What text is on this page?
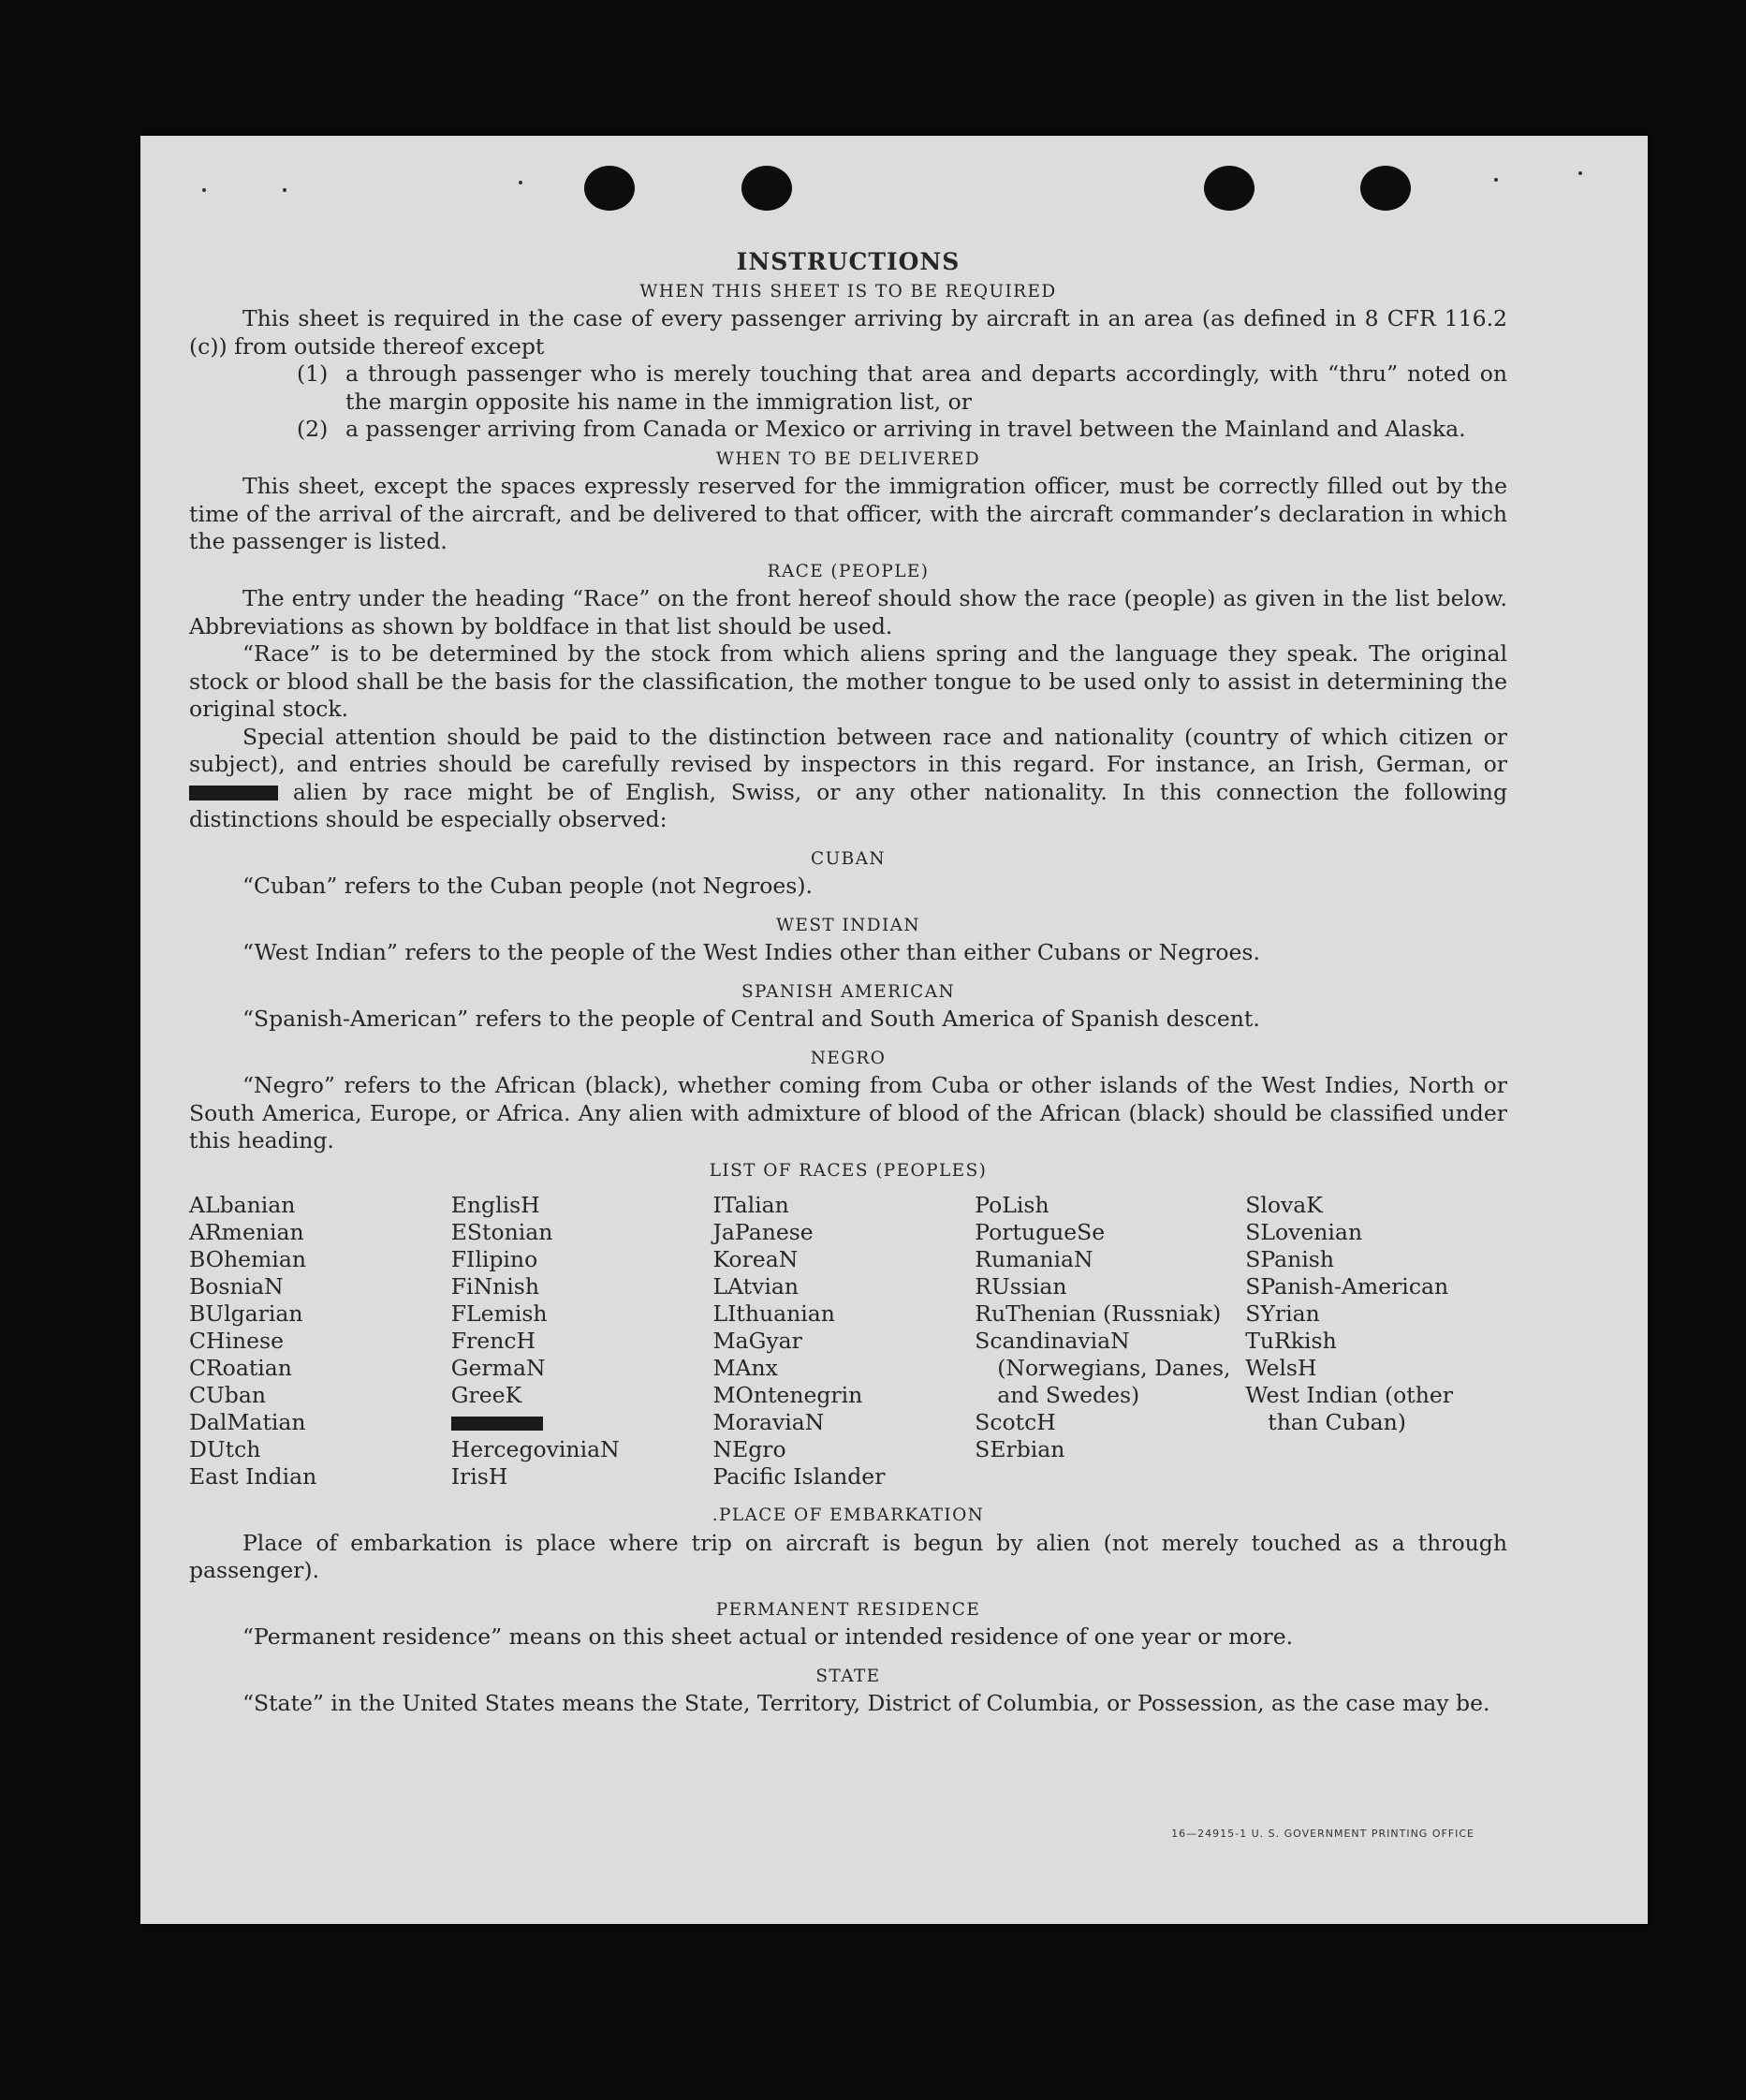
INSTRUCTIONS
WHEN THIS SHEET IS TO BE REQUIRED

This sheet is required in the case of every passenger arriving by aircraft in an area (as defined in 8 CFR 116.2 (c)) from outside thereof except

(1) a through passenger who is merely touching that area and departs accordingly, with “thru” noted on the margin opposite his name in the immigration list, or
(2) a passenger arriving from Canada or Mexico or arriving in travel between the Mainland and Alaska.
WHEN TO BE DELIVERED

This sheet, except the spaces expressly reserved for the immigration officer, must be correctly filled out by the time of the arrival of the aircraft, and be delivered to that officer, with the aircraft commander’s declaration in which the passenger is listed.

RACE (PEOPLE)

The entry under the heading “Race” on the front hereof should show the race (people) as given in the list below. Abbreviations as shown by boldface in that list should be used.

“Race” is to be determined by the stock from which aliens spring and the language they speak. The original stock or blood shall be the basis for the classification, the mother tongue to be used only to assist in determining the original stock.

Special attention should be paid to the distinction between race and nationality (country of which citizen or subject), and entries should be carefully revised by inspectors in this regard. For instance, an Irish, German, or  alien by race might be of English, Swiss, or any other nationality. In this connection the following distinctions should be especially observed:

CUBAN

“Cuban” refers to the Cuban people (not Negroes).

WEST INDIAN

“West Indian” refers to the people of the West Indies other than either Cubans or Negroes.

SPANISH AMERICAN

“Spanish-American” refers to the people of Central and South America of Spanish descent.

NEGRO

“Negro” refers to the African (black), whether coming from Cuba or other islands of the West Indies, North or South America, Europe, or Africa. Any alien with admixture of blood of the African (black) should be classified under this heading.

LIST OF RACES (PEOPLES)
ALbanian
ARmenian
BOhemian
BosniaN
BUlgarian
CHinese
CRoatian
CUban
DalMatian
DUtch
East Indian
EnglisH
EStonian
FIlipino
FiNnish
FLemish
FrencH
GermaN
GreeK
HercegoviniaN
IrisH
ITalian
JaPanese
KoreaN
LAtvian
LIthuanian
MaGyar
MAnx
MOntenegrin
MoraviaN
NEgro
Pacific Islander
PoLish
PortugueSe
RumaniaN
RUssian
RuThenian (Russniak)
ScandinaviaN (Norwegians, Danes, and Swedes)
ScotcH
SErbian
SlovaK
SLovenian
SPanish
SPanish-American
SYrian
TuRkish
WelsH
West Indian (other than Cuban)
.PLACE OF EMBARKATION

Place of embarkation is place where trip on aircraft is begun by alien (not merely touched as a through passenger).

PERMANENT RESIDENCE

“Permanent residence” means on this sheet actual or intended residence of one year or more.

STATE

“State” in the United States means the State, Territory, District of Columbia, or Possession, as the case may be.

16—24915-1 U. S. GOVERNMENT PRINTING OFFICE
